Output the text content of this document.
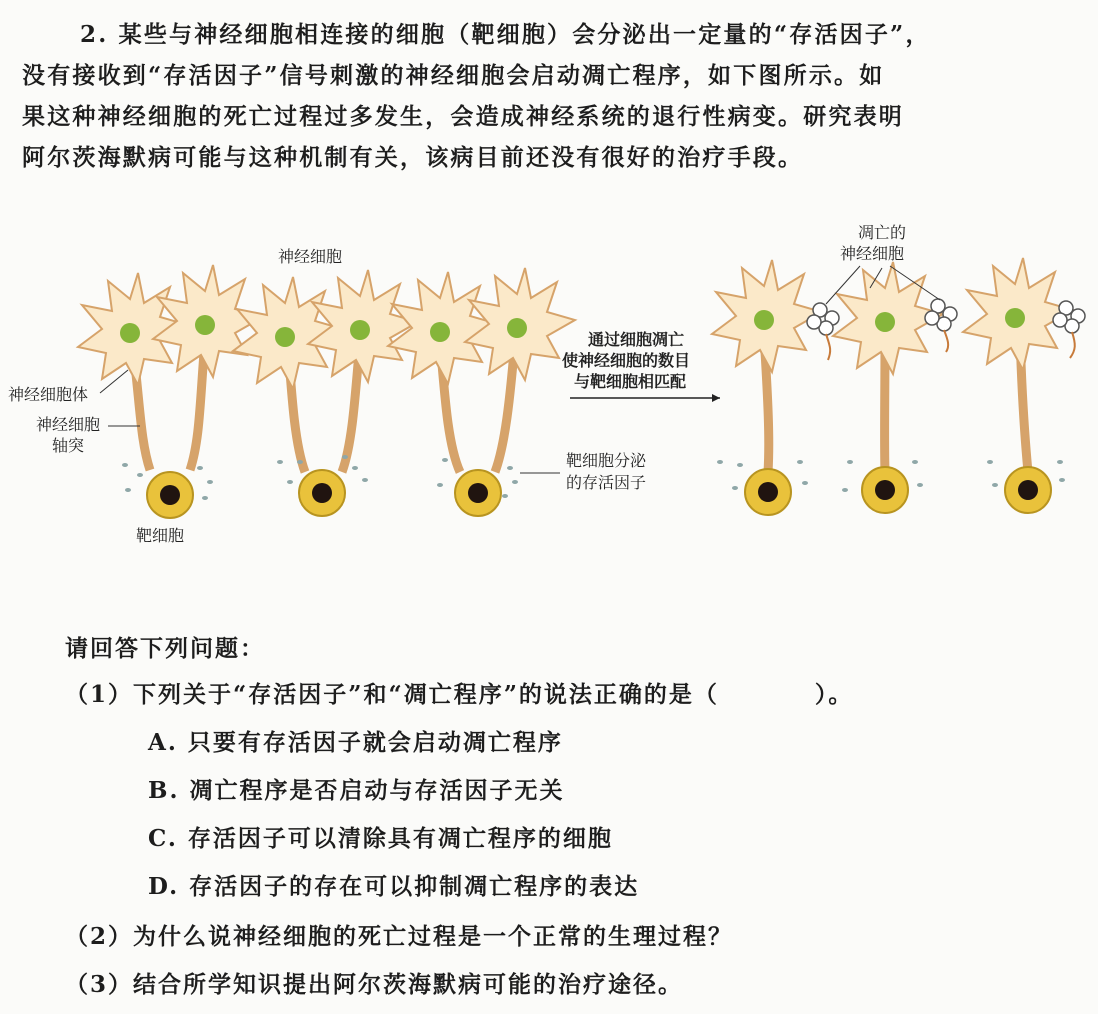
2. 某些与神经细胞相连接的细胞（靶细胞）会分泌出一定量的“存活因子”，
没有接收到“存活因子”信号刺激的神经细胞会启动凋亡程序，如下图所示。如
果这种神经细胞的死亡过程过多发生，会造成神经系统的退行性病变。研究表明
阿尔茨海默病可能与这种机制有关，该病目前还没有很好的治疗手段。
神经细胞
凋亡的
神经细胞
神经细胞体
神经细胞
轴突
靶细胞
靶细胞分泌
的存活因子
通过细胞凋亡
使神经细胞的数目
与靶细胞相匹配
请回答下列问题：
（1）下列关于“存活因子”和“凋亡程序”的说法正确的是（	）。
A. 只要有存活因子就会启动凋亡程序
B. 凋亡程序是否启动与存活因子无关
C. 存活因子可以清除具有凋亡程序的细胞
D. 存活因子的存在可以抑制凋亡程序的表达
（2）为什么说神经细胞的死亡过程是一个正常的生理过程？
（3）结合所学知识提出阿尔茨海默病可能的治疗途径。
